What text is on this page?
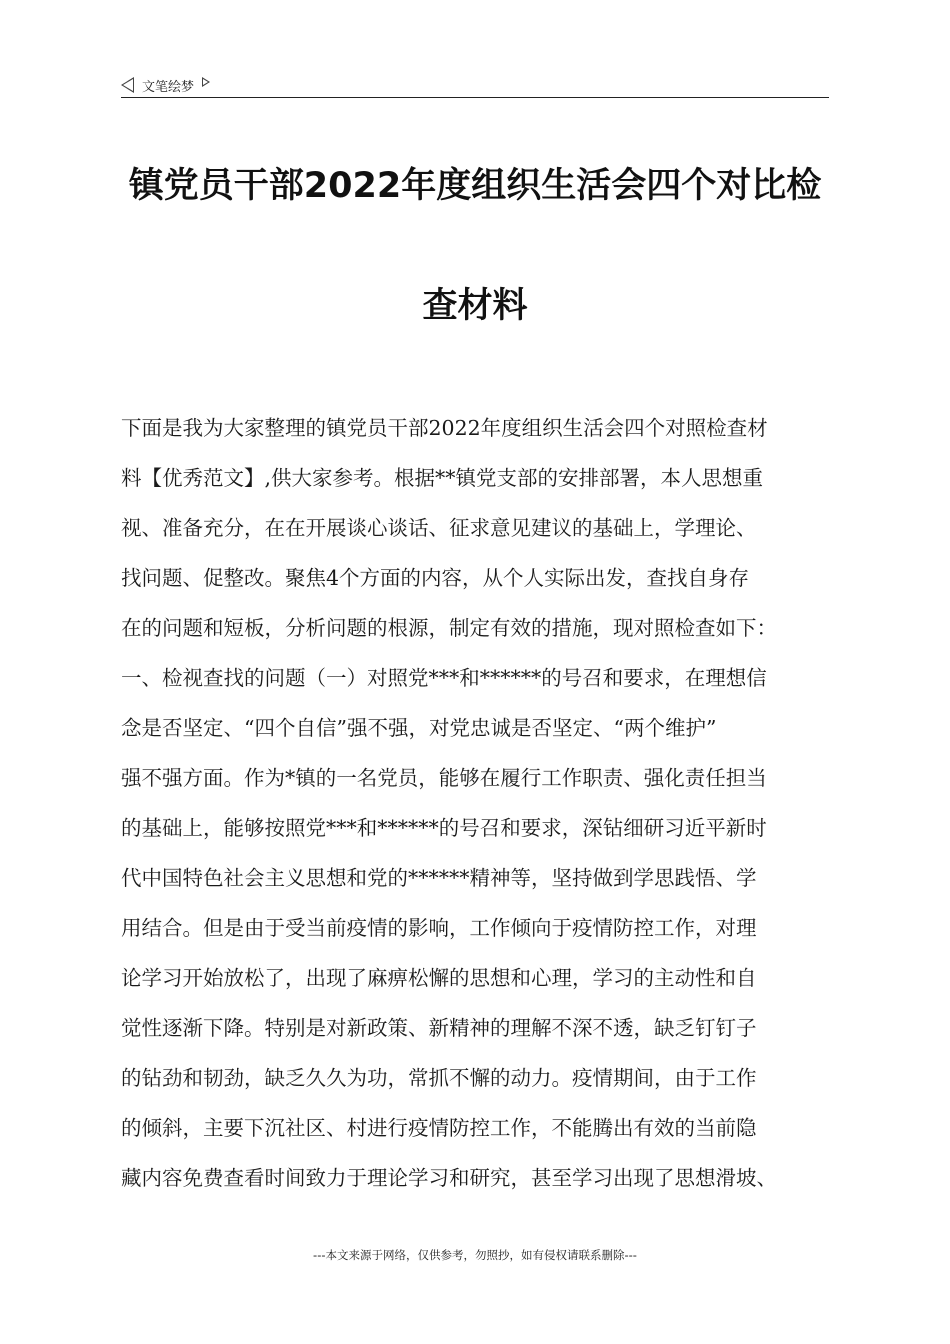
文笔绘梦
镇党员干部2022年度组织生活会四个对比检
查材料
下面是我为大家整理的镇党员干部2022年度组织生活会四个对照检查材
料【优秀范文】,供大家参考。根据**镇党支部的安排部署，本人思想重
视、准备充分，在在开展谈心谈话、征求意见建议的基础上，学理论、
找问题、促整改。聚焦4个方面的内容，从个人实际出发，查找自身存
在的问题和短板，分析问题的根源，制定有效的措施，现对照检查如下：
一、检视查找的问题（一）对照党***和******的号召和要求，在理想信
念是否坚定、“四个自信”强不强，对党忠诚是否坚定、“两个维护”
强不强方面。作为*镇的一名党员，能够在履行工作职责、强化责任担当
的基础上，能够按照党***和******的号召和要求，深钻细研习近平新时
代中国特色社会主义思想和党的******精神等，坚持做到学思践悟、学
用结合。但是由于受当前疫情的影响，工作倾向于疫情防控工作，对理
论学习开始放松了，出现了麻痹松懈的思想和心理，学习的主动性和自
觉性逐渐下降。特别是对新政策、新精神的理解不深不透，缺乏钉钉子
的钻劲和韧劲，缺乏久久为功，常抓不懈的动力。疫情期间，由于工作
的倾斜，主要下沉社区、村进行疫情防控工作，不能腾出有效的当前隐
藏内容免费查看时间致力于理论学习和研究，甚至学习出现了思想滑坡、
---本文来源于网络，仅供参考，勿照抄，如有侵权请联系删除---
